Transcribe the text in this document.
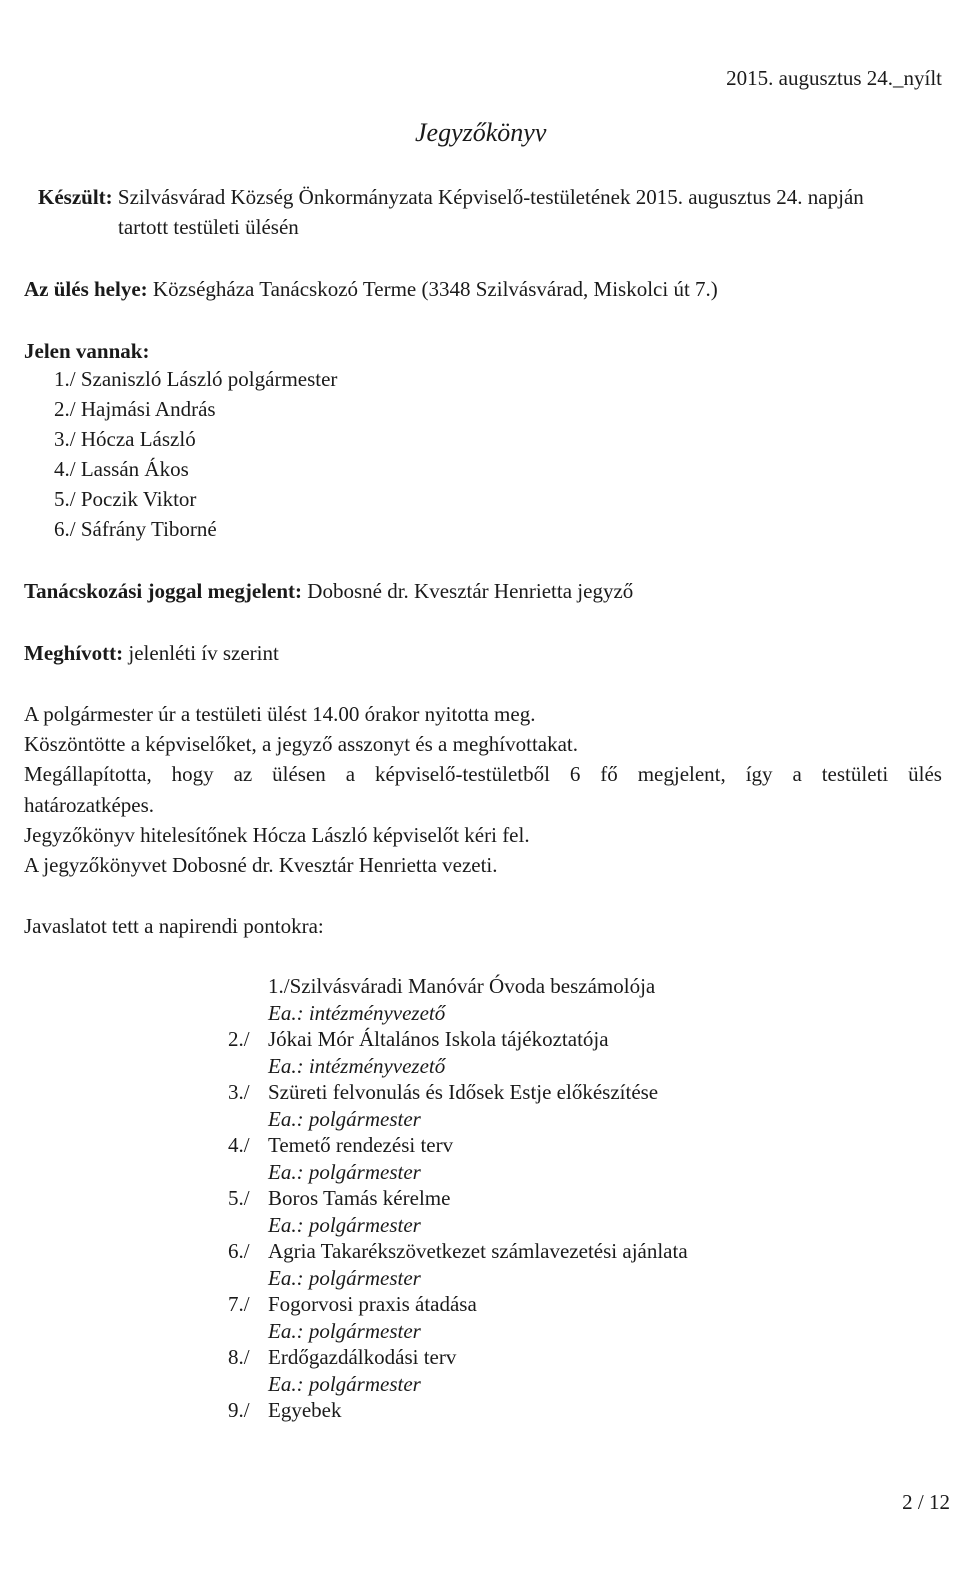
2015. augusztus 24._nyílt
Jegyzőkönyv
Készült: Szilvásvárad Község Önkormányzata Képviselő-testületének 2015. augusztus 24. napján
tartott testületi ülésén
Az ülés helye: Községháza Tanácskozó Terme (3348 Szilvásvárad, Miskolci út 7.)
Jelen vannak:
1./ Szaniszló László polgármester
2./ Hajmási András
3./ Hócza László
4./ Lassán Ákos
5./ Poczik Viktor
6./ Sáfrány Tiborné
Tanácskozási joggal megjelent: Dobosné dr. Kvesztár Henrietta jegyző
Meghívott: jelenléti ív szerint
A polgármester úr a testületi ülést 14.00 órakor nyitotta meg.
Köszöntötte a képviselőket, a jegyző asszonyt és a meghívottakat.
Megállapította, hogy az ülésen a képviselő-testületből 6 fő megjelent, így a testületi ülés
határozatképes.
Jegyzőkönyv hitelesítőnek Hócza László képviselőt kéri fel.
A jegyzőkönyvet Dobosné dr. Kvesztár Henrietta vezeti.
Javaslatot tett a napirendi pontokra:
1./Szilvásváradi Manóvár Óvoda beszámolója
Ea.: intézményvezető
2./ Jókai Mór Általános Iskola tájékoztatója
Ea.: intézményvezető
3./ Szüreti felvonulás és Idősek Estje előkészítése
Ea.: polgármester
4./ Temető rendezési terv
Ea.: polgármester
5./ Boros Tamás kérelme
Ea.: polgármester
6./ Agria Takarékszövetkezet számlavezetési ajánlata
Ea.: polgármester
7./ Fogorvosi praxis átadása
Ea.: polgármester
8./ Erdőgazdálkodási terv
Ea.: polgármester
9./ Egyebek
2 / 12
